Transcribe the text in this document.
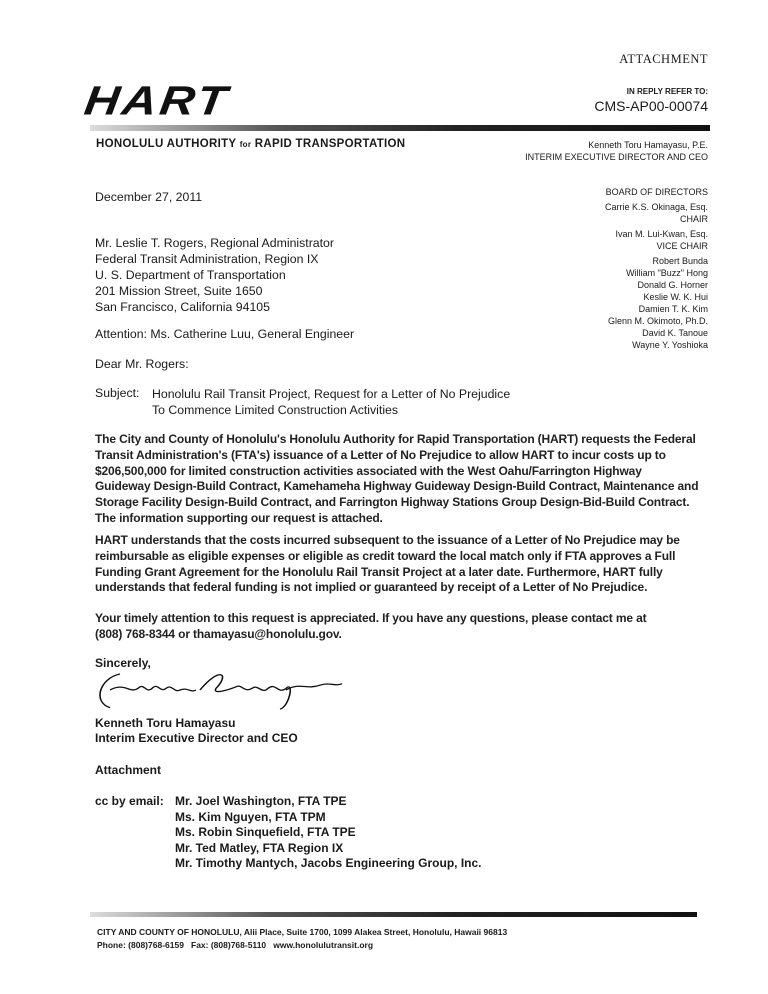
ATTACHMENT
IN REPLY REFER TO:
CMS-AP00-00074
HART
HONOLULU AUTHORITY for RAPID TRANSPORTATION	Kenneth Toru Hamayasu, P.E.
INTERIM EXECUTIVE DIRECTOR AND CEO
BOARD OF DIRECTORS
Carrie K.S. Okinaga, Esq.
CHAIR
Ivan M. Lui-Kwan, Esq.
VICE CHAIR
Robert Bunda
William "Buzz" Hong
Donald G. Horner
Keslie W. K. Hui
Damien T. K. Kim
Glenn M. Okimoto, Ph.D.
David K. Tanoue
Wayne Y. Yoshioka
December 27, 2011
Mr. Leslie T. Rogers, Regional Administrator
Federal Transit Administration, Region IX
U. S. Department of Transportation
201 Mission Street, Suite 1650
San Francisco, California 94105
Attention: Ms. Catherine Luu, General Engineer
Dear Mr. Rogers:
Subject: Honolulu Rail Transit Project, Request for a Letter of No Prejudice
To Commence Limited Construction Activities
The City and County of Honolulu's Honolulu Authority for Rapid Transportation (HART) requests the Federal
Transit Administration's (FTA's) issuance of a Letter of No Prejudice to allow HART to incur costs up to
$206,500,000 for limited construction activities associated with the West Oahu/Farrington Highway
Guideway Design-Build Contract, Kamehameha Highway Guideway Design-Build Contract, Maintenance and
Storage Facility Design-Build Contract, and Farrington Highway Stations Group Design-Bid-Build Contract.
The information supporting our request is attached.
HART understands that the costs incurred subsequent to the issuance of a Letter of No Prejudice may be
reimbursable as eligible expenses or eligible as credit toward the local match only if FTA approves a Full
Funding Grant Agreement for the Honolulu Rail Transit Project at a later date. Furthermore, HART fully
understands that federal funding is not implied or guaranteed by receipt of a Letter of No Prejudice.
Your timely attention to this request is appreciated. If you have any questions, please contact me at
(808) 768-8344 or thamayasu@honolulu.gov.
Sincerely,
Kenneth Toru Hamayasu
Interim Executive Director and CEO
Attachment
cc by email: Mr. Joel Washington, FTA TPE
Ms. Kim Nguyen, FTA TPM
Ms. Robin Sinquefield, FTA TPE
Mr. Ted Matley, FTA Region IX
Mr. Timothy Mantych, Jacobs Engineering Group, Inc.
CITY AND COUNTY OF HONOLULU, Alii Place, Suite 1700, 1099 Alakea Street, Honolulu, Hawaii 96813
Phone: (808)768-6159   Fax: (808)768-5110   www.honolulutransit.org
